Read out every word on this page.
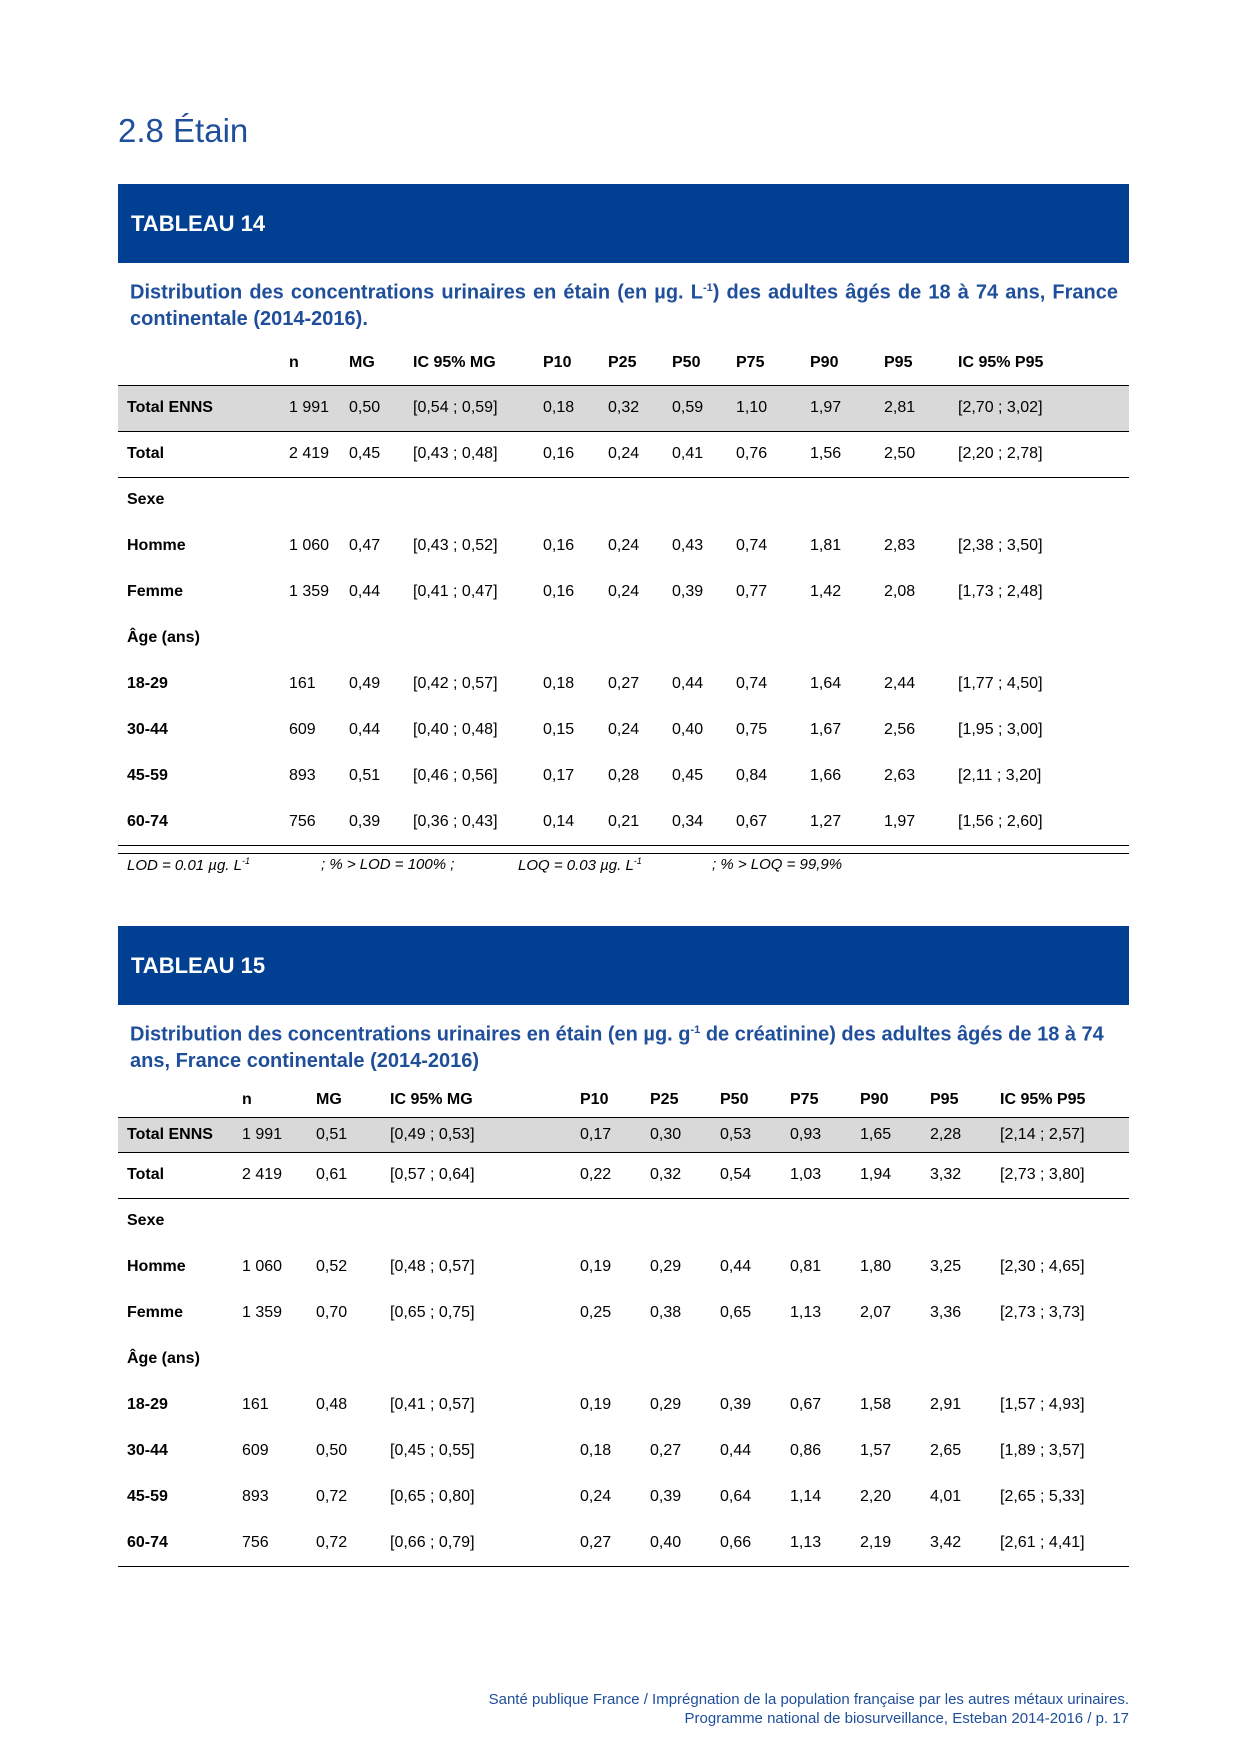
2.8 Étain
TABLEAU 14
Distribution des concentrations urinaires en étain (en µg. $L^{-1}$) des adultes âgés de 18 à 74 ans, France continentale (2014-2016).
	n	MG	IC 95% MG	P10	P25	P50	P75	P90	P95	IC 95% P95
Total ENNS	1 991	0,50	[0,54 ; 0,59]	0,18	0,32	0,59	1,10	1,97	2,81	[2,70 ; 3,02]
Total	2 419	0,45	[0,43 ; 0,48]	0,16	0,24	0,41	0,76	1,56	2,50	[2,20 ; 2,78]
Sexe										
Homme	1 060	0,47	[0,43 ; 0,52]	0,16	0,24	0,43	0,74	1,81	2,83	[2,38 ; 3,50]
Femme	1 359	0,44	[0,41 ; 0,47]	0,16	0,24	0,39	0,77	1,42	2,08	[1,73 ; 2,48]
Âge (ans)										
18-29	161	0,49	[0,42 ; 0,57]	0,18	0,27	0,44	0,74	1,64	2,44	[1,77 ; 4,50]
30-44	609	0,44	[0,40 ; 0,48]	0,15	0,24	0,40	0,75	1,67	2,56	[1,95 ; 3,00]
45-59	893	0,51	[0,46 ; 0,56]	0,17	0,28	0,45	0,84	1,66	2,63	[2,11 ; 3,20]
60-74	756	0,39	[0,36 ; 0,43]	0,14	0,21	0,34	0,67	1,27	1,97	[1,56 ; 2,60]
LOD = 0.01 µg. $L^{-1}$	; % > LOD = 100% ;	LOQ = 0.03 µg. $L^{-1}$	; % > LOQ = 99,9%
TABLEAU 15
Distribution des concentrations urinaires en étain (en µg. $g^{-1}$ de créatinine) des adultes âgés de 18 à 74 ans, France continentale (2014-2016)
	n	MG	IC 95% MG	P10	P25	P50	P75	P90	P95	IC 95% P95
Total ENNS	1 991	0,51	[0,49 ; 0,53]	0,17	0,30	0,53	0,93	1,65	2,28	[2,14 ; 2,57]
Total	2 419	0,61	[0,57 ; 0,64]	0,22	0,32	0,54	1,03	1,94	3,32	[2,73 ; 3,80]
Sexe										
Homme	1 060	0,52	[0,48 ; 0,57]	0,19	0,29	0,44	0,81	1,80	3,25	[2,30 ; 4,65]
Femme	1 359	0,70	[0,65 ; 0,75]	0,25	0,38	0,65	1,13	2,07	3,36	[2,73 ; 3,73]
Âge (ans)										
18-29	161	0,48	[0,41 ; 0,57]	0,19	0,29	0,39	0,67	1,58	2,91	[1,57 ; 4,93]
30-44	609	0,50	[0,45 ; 0,55]	0,18	0,27	0,44	0,86	1,57	2,65	[1,89 ; 3,57]
45-59	893	0,72	[0,65 ; 0,80]	0,24	0,39	0,64	1,14	2,20	4,01	[2,65 ; 5,33]
60-74	756	0,72	[0,66 ; 0,79]	0,27	0,40	0,66	1,13	2,19	3,42	[2,61 ; 4,41]
Santé publique France / Imprégnation de la population française par les autres métaux urinaires.
Programme national de biosurveillance, Esteban 2014-2016 / p. 17
